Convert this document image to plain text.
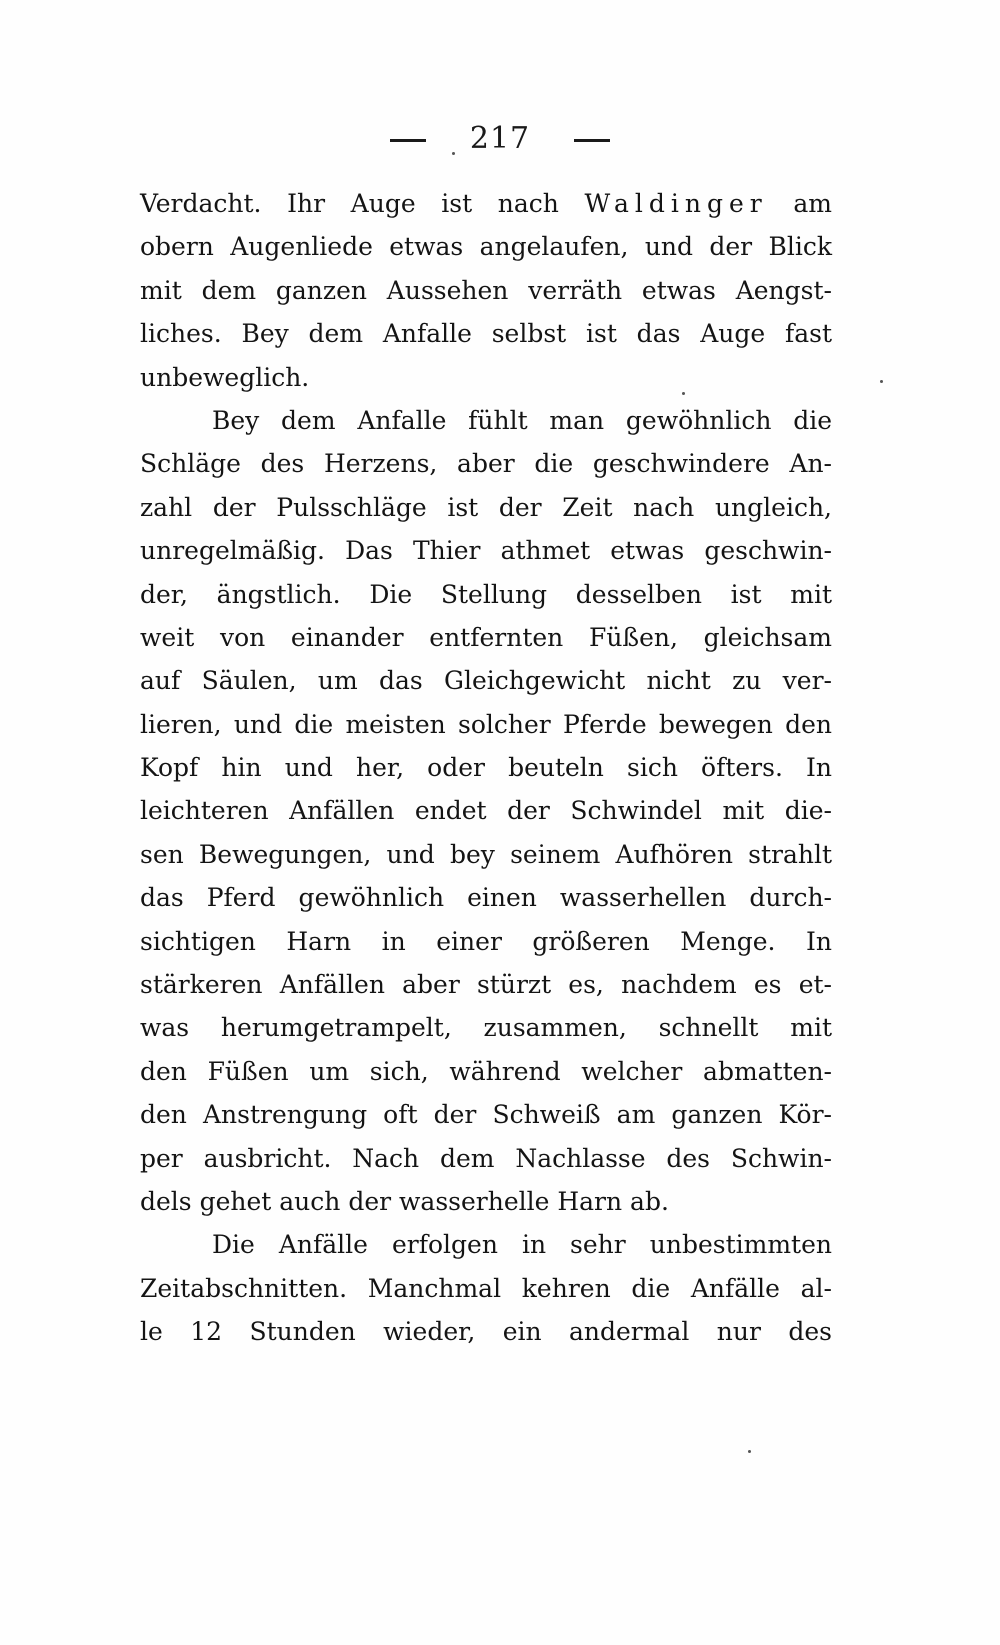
217
Verdacht. Ihr Auge ist nach Waldinger am
obern Augenliede etwas angelaufen, und der Blick
mit dem ganzen Aussehen verräth etwas Aengst-
liches. Bey dem Anfalle selbst ist das Auge fast
unbeweglich.
Bey dem Anfalle fühlt man gewöhnlich die
Schläge des Herzens, aber die geschwindere An-
zahl der Pulsschläge ist der Zeit nach ungleich,
unregelmäßig. Das Thier athmet etwas geschwin-
der, ängstlich. Die Stellung desselben ist mit
weit von einander entfernten Füßen, gleichsam
auf Säulen, um das Gleichgewicht nicht zu ver-
lieren, und die meisten solcher Pferde bewegen den
Kopf hin und her, oder beuteln sich öfters. In
leichteren Anfällen endet der Schwindel mit die-
sen Bewegungen, und bey seinem Aufhören strahlt
das Pferd gewöhnlich einen wasserhellen durch-
sichtigen Harn in einer größeren Menge. In
stärkeren Anfällen aber stürzt es, nachdem es et-
was herumgetrampelt, zusammen, schnellt mit
den Füßen um sich, während welcher abmatten-
den Anstrengung oft der Schweiß am ganzen Kör-
per ausbricht. Nach dem Nachlasse des Schwin-
dels gehet auch der wasserhelle Harn ab.
Die Anfälle erfolgen in sehr unbestimmten
Zeitabschnitten. Manchmal kehren die Anfälle al-
le 12 Stunden wieder, ein andermal nur des
